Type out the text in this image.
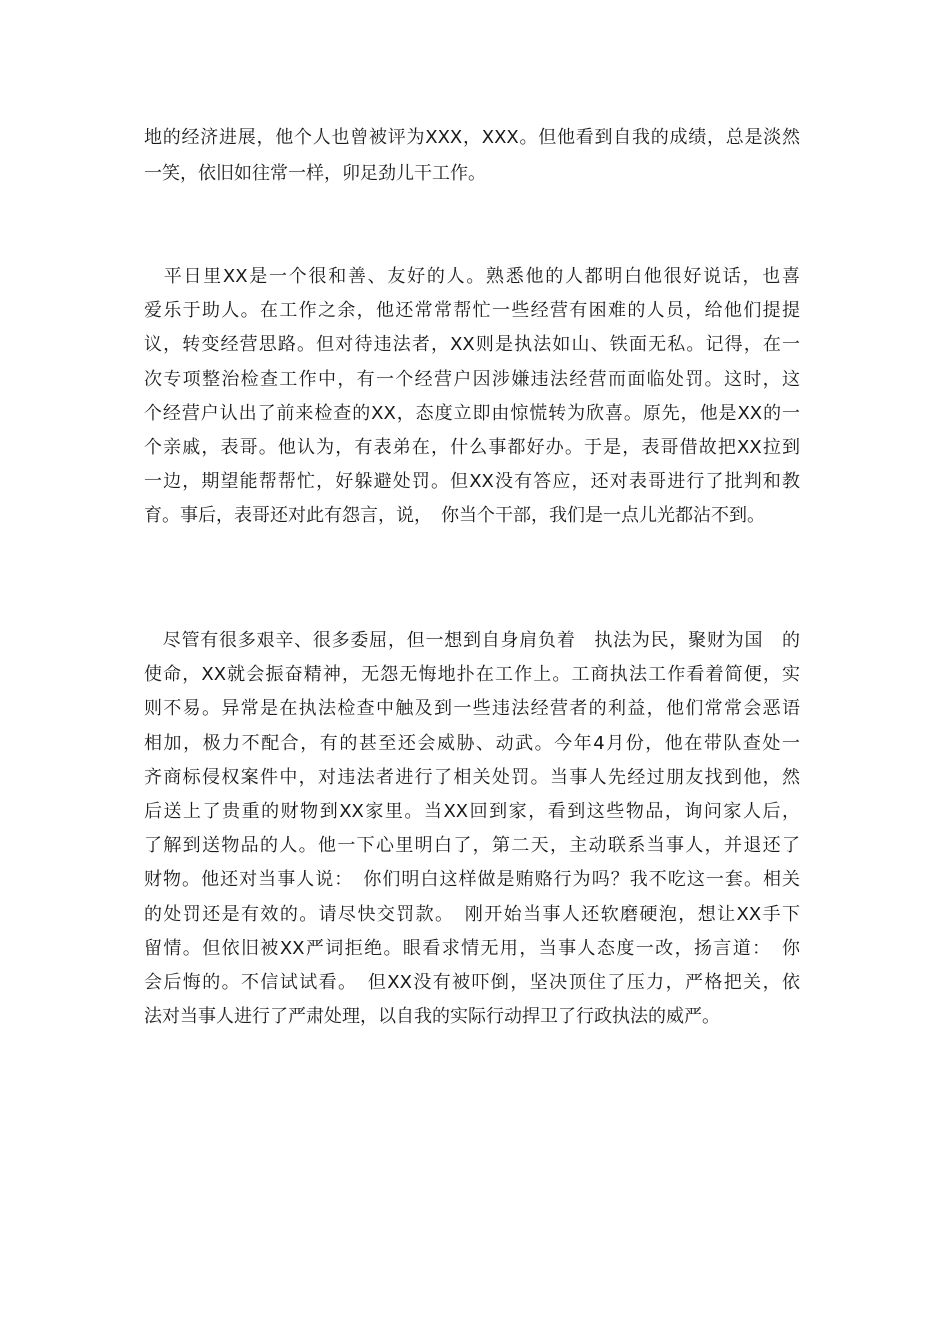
地的经济进展，他个人也曾被评为XXX，XXX。但他看到自我的成绩，总是淡然
一笑，依旧如往常一样，卯足劲儿干工作。

　平日里XX是一个很和善、友好的人。熟悉他的人都明白他很好说话，也喜
爱乐于助人。在工作之余，他还常常帮忙一些经营有困难的人员，给他们提提
议，转变经营思路。但对待违法者，XX则是执法如山、铁面无私。记得，在一
次专项整治检查工作中，有一个经营户因涉嫌违法经营而面临处罚。这时，这
个经营户认出了前来检查的XX，态度立即由惊慌转为欣喜。原先，他是XX的一
个亲戚，表哥。他认为，有表弟在，什么事都好办。于是，表哥借故把XX拉到
一边，期望能帮帮忙，好躲避处罚。但XX没有答应，还对表哥进行了批判和教
育。事后，表哥还对此有怨言，说，　你当个干部，我们是一点儿光都沾不到。

　尽管有很多艰辛、很多委屈，但一想到自身肩负着　执法为民，聚财为国　的
使命，XX就会振奋精神，无怨无悔地扑在工作上。工商执法工作看着简便，实
则不易。异常是在执法检查中触及到一些违法经营者的利益，他们常常会恶语
相加，极力不配合，有的甚至还会威胁、动武。今年4月份，他在带队查处一
齐商标侵权案件中，对违法者进行了相关处罚。当事人先经过朋友找到他，然
后送上了贵重的财物到XX家里。当XX回到家，看到这些物品，询问家人后，
了解到送物品的人。他一下心里明白了，第二天，主动联系当事人，并退还了
财物。他还对当事人说：　你们明白这样做是贿赂行为吗？我不吃这一套。相关
的处罚还是有效的。请尽快交罚款。　刚开始当事人还软磨硬泡，想让XX手下
留情。但依旧被XX严词拒绝。眼看求情无用，当事人态度一改，扬言道：　你
会后悔的。不信试试看。　但XX没有被吓倒，坚决顶住了压力，严格把关，依
法对当事人进行了严肃处理，以自我的实际行动捍卫了行政执法的威严。
